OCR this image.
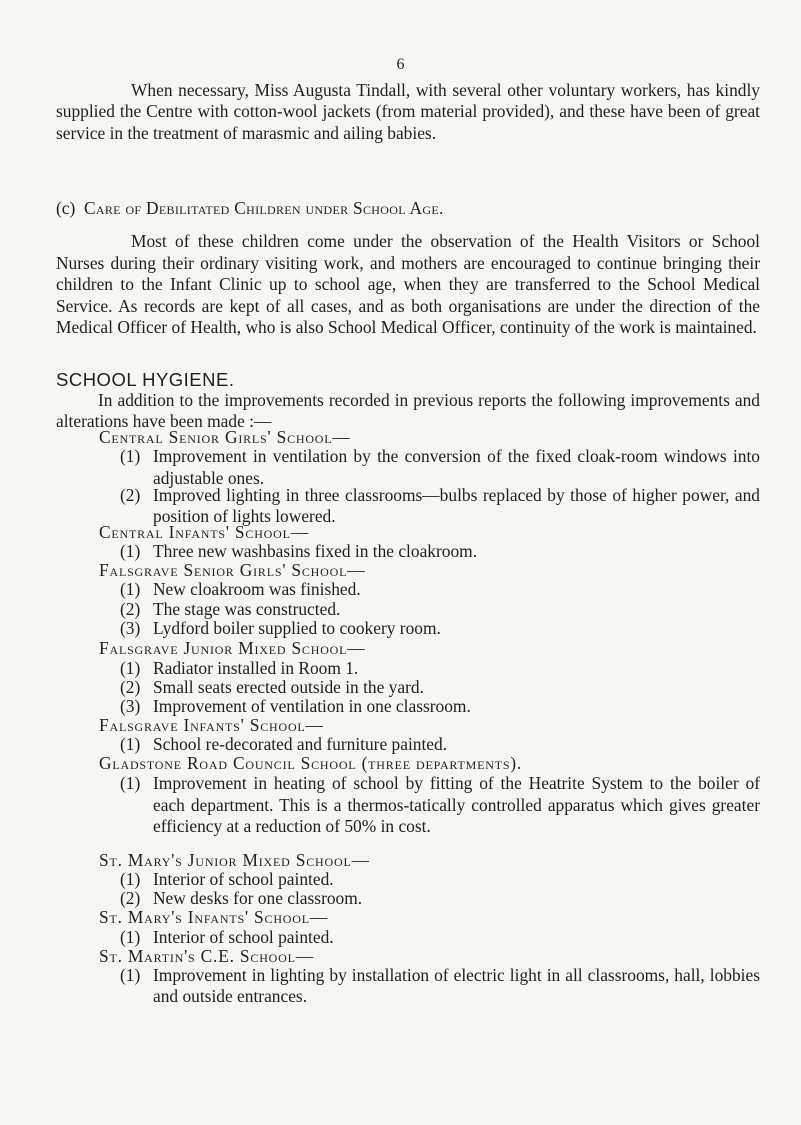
6

When necessary, Miss Augusta Tindall, with several other voluntary workers, has kindly supplied the Centre with cotton-wool jackets (from material provided), and these have been of great service in the treatment of marasmic and ailing babies.

(c) Care of Debilitated Children under School Age.

Most of these children come under the observation of the Health Visitors or School Nurses during their ordinary visiting work, and mothers are encouraged to continue bringing their children to the Infant Clinic up to school age, when they are transferred to the School Medical Service. As records are kept of all cases, and as both organisations are under the direction of the Medical Officer of Health, who is also School Medical Officer, continuity of the work is maintained.

SCHOOL HYGIENE.

In addition to the improvements recorded in previous reports the following improvements and alterations have been made :—

Central Senior Girls' School—
(1) Improvement in ventilation by the conversion of the fixed cloak-room windows into adjustable ones.
(2) Improved lighting in three classrooms—bulbs replaced by those of higher power, and position of lights lowered.
Central Infants' School—
(1) Three new washbasins fixed in the cloakroom.
Falsgrave Senior Girls' School—
(1) New cloakroom was finished.
(2) The stage was constructed.
(3) Lydford boiler supplied to cookery room.
Falsgrave Junior Mixed School—
(1) Radiator installed in Room 1.
(2) Small seats erected outside in the yard.
(3) Improvement of ventilation in one classroom.
Falsgrave Infants' School—
(1) School re-decorated and furniture painted.
Gladstone Road Council School (three departments).
(1) Improvement in heating of school by fitting of the Heatrite System to the boiler of each department. This is a thermos-tatically controlled apparatus which gives greater efficiency at a reduction of 50% in cost.
St. Mary's Junior Mixed School—
(1) Interior of school painted.
(2) New desks for one classroom.
St. Mary's Infants' School—
(1) Interior of school painted.
St. Martin's C.E. School—
(1) Improvement in lighting by installation of electric light in all classrooms, hall, lobbies and outside entrances.
